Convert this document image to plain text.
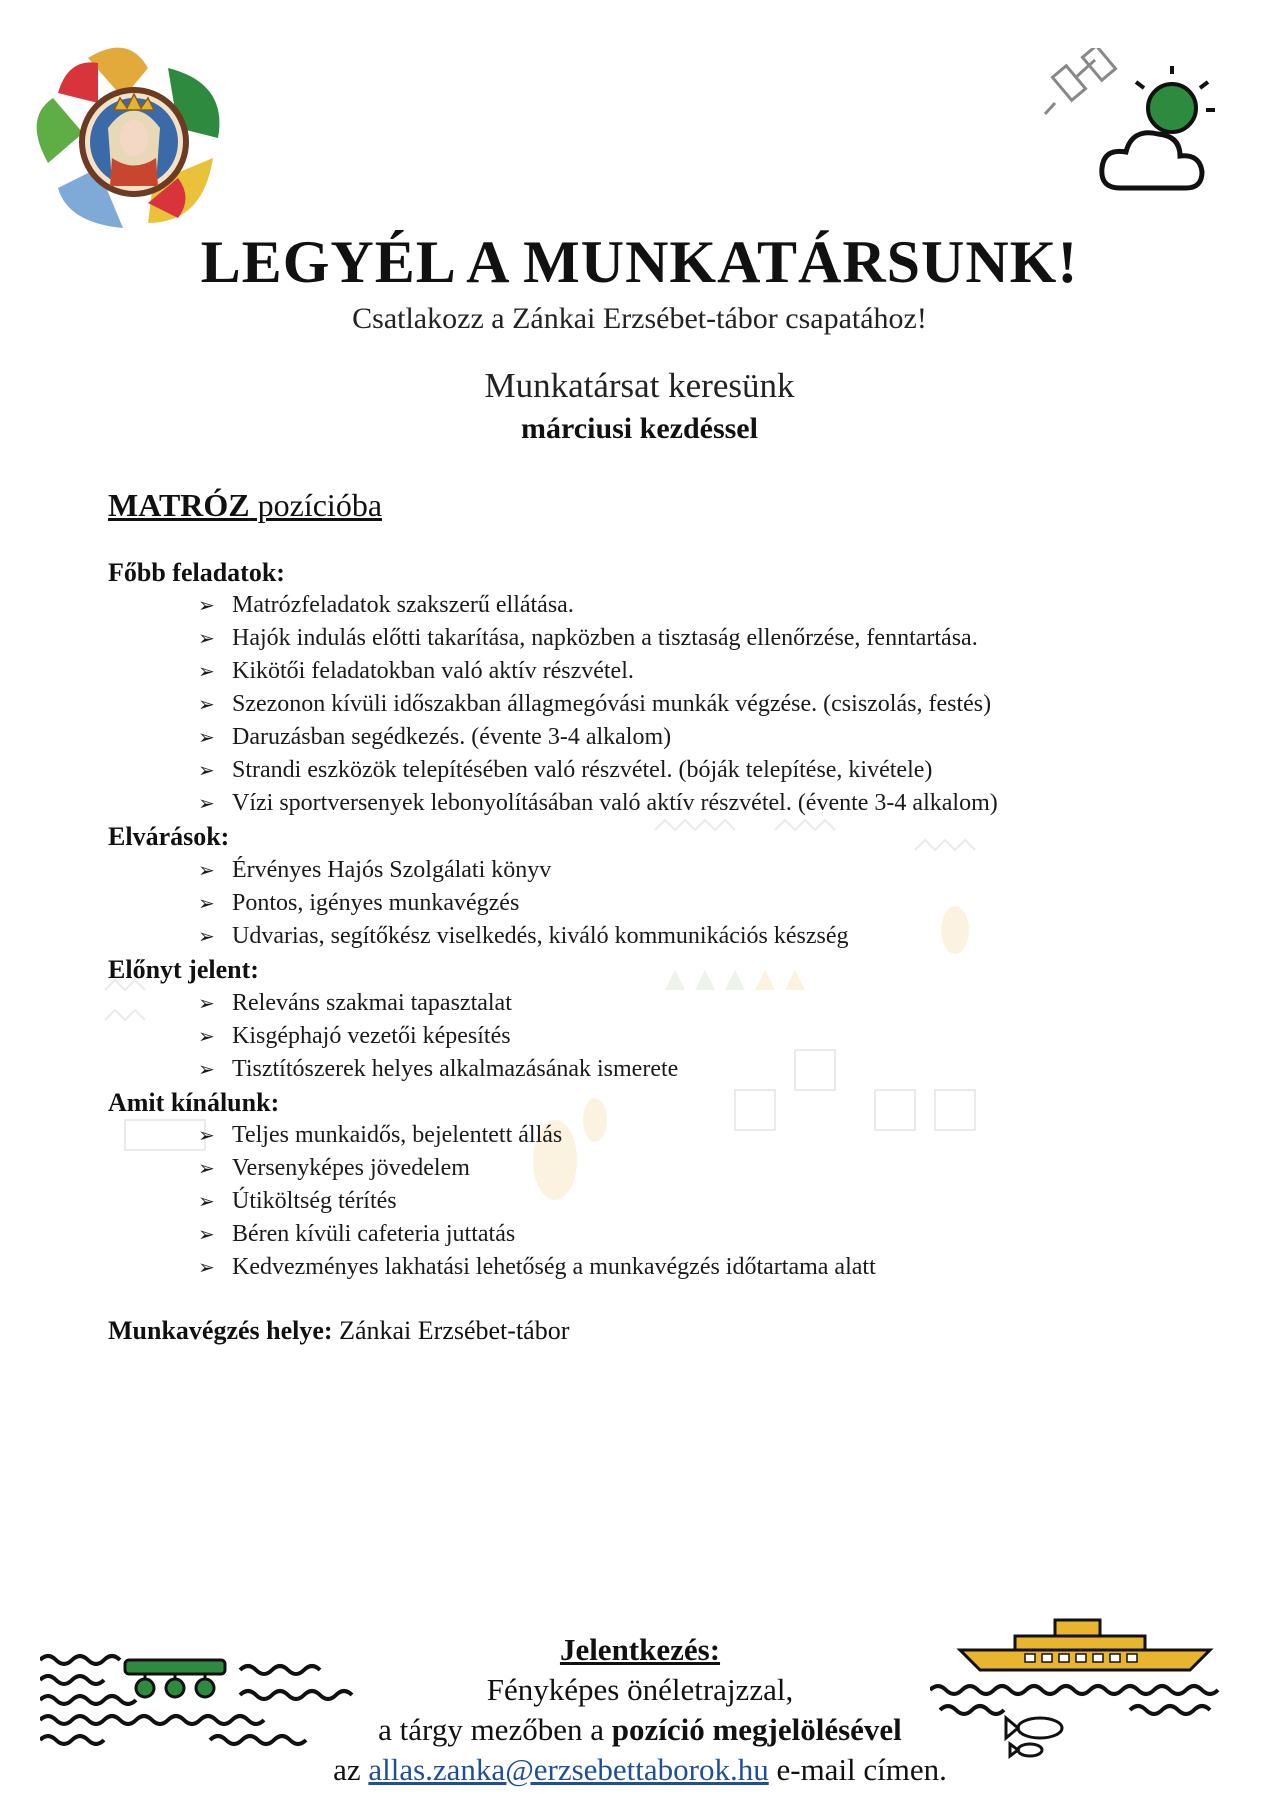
LEGYÉL A MUNKATÁRSUNK!
Csatlakozz a Zánkai Erzsébet-tábor csapatához!
Munkatársat keresünk
márciusi kezdéssel
MATRÓZ pozícióba
Főbb feladatok:
➢ Matrózfeladatok szakszerű ellátása.
➢ Hajók indulás előtti takarítása, napközben a tisztaság ellenőrzése, fenntartása.
➢ Kikötői feladatokban való aktív részvétel.
➢ Szezonon kívüli időszakban állagmegóvási munkák végzése. (csiszolás, festés)
➢ Daruzásban segédkezés. (évente 3-4 alkalom)
➢ Strandi eszközök telepítésében való részvétel. (bóják telepítése, kivétele)
➢ Vízi sportversenyek lebonyolításában való aktív részvétel. (évente 3-4 alkalom)
Elvárások:
➢ Érvényes Hajós Szolgálati könyv
➢ Pontos, igényes munkavégzés
➢ Udvarias, segítőkész viselkedés, kiváló kommunikációs készség
Előnyt jelent:
➢ Releváns szakmai tapasztalat
➢ Kisgéphajó vezetői képesítés
➢ Tisztítószerek helyes alkalmazásának ismerete
Amit kínálunk:
➢ Teljes munkaidős, bejelentett állás
➢ Versenyképes jövedelem
➢ Útiköltség térítés
➢ Béren kívüli cafeteria juttatás
➢ Kedvezményes lakhatási lehetőség a munkavégzés időtartama alatt
Munkavégzés helye: Zánkai Erzsébet-tábor
Jelentkezés:
Fényképes önéletrajzzal,
a tárgy mezőben a pozíció megjelölésével
az allas.zanka@erzsebettaborok.hu e-mail címen.
